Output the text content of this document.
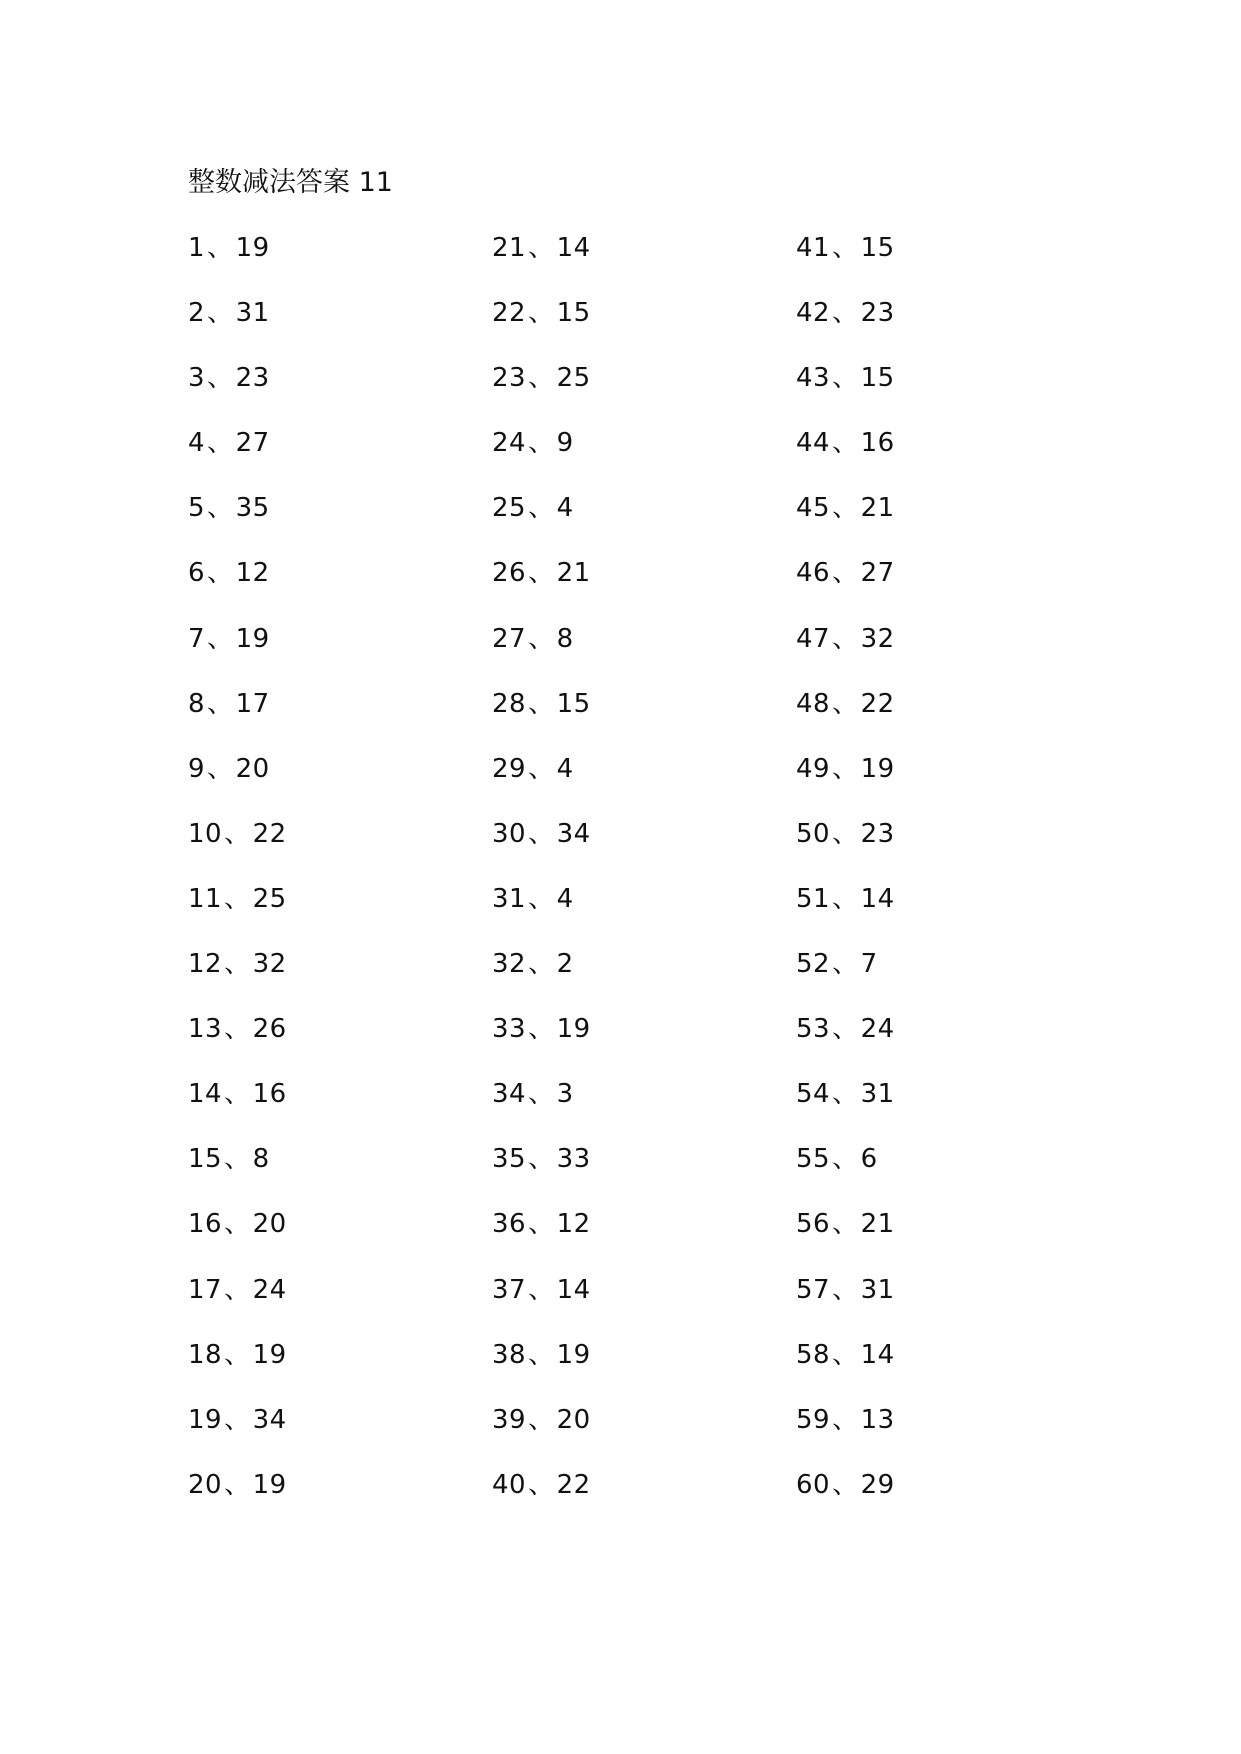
整数减法答案 11
1、19
2、31
3、23
4、27
5、35
6、12
7、19
8、17
9、20
10、22
11、25
12、32
13、26
14、16
15、8
16、20
17、24
18、19
19、34
20、19
21、14
22、15
23、25
24、9
25、4
26、21
27、8
28、15
29、4
30、34
31、4
32、2
33、19
34、3
35、33
36、12
37、14
38、19
39、20
40、22
41、15
42、23
43、15
44、16
45、21
46、27
47、32
48、22
49、19
50、23
51、14
52、7
53、24
54、31
55、6
56、21
57、31
58、14
59、13
60、29
